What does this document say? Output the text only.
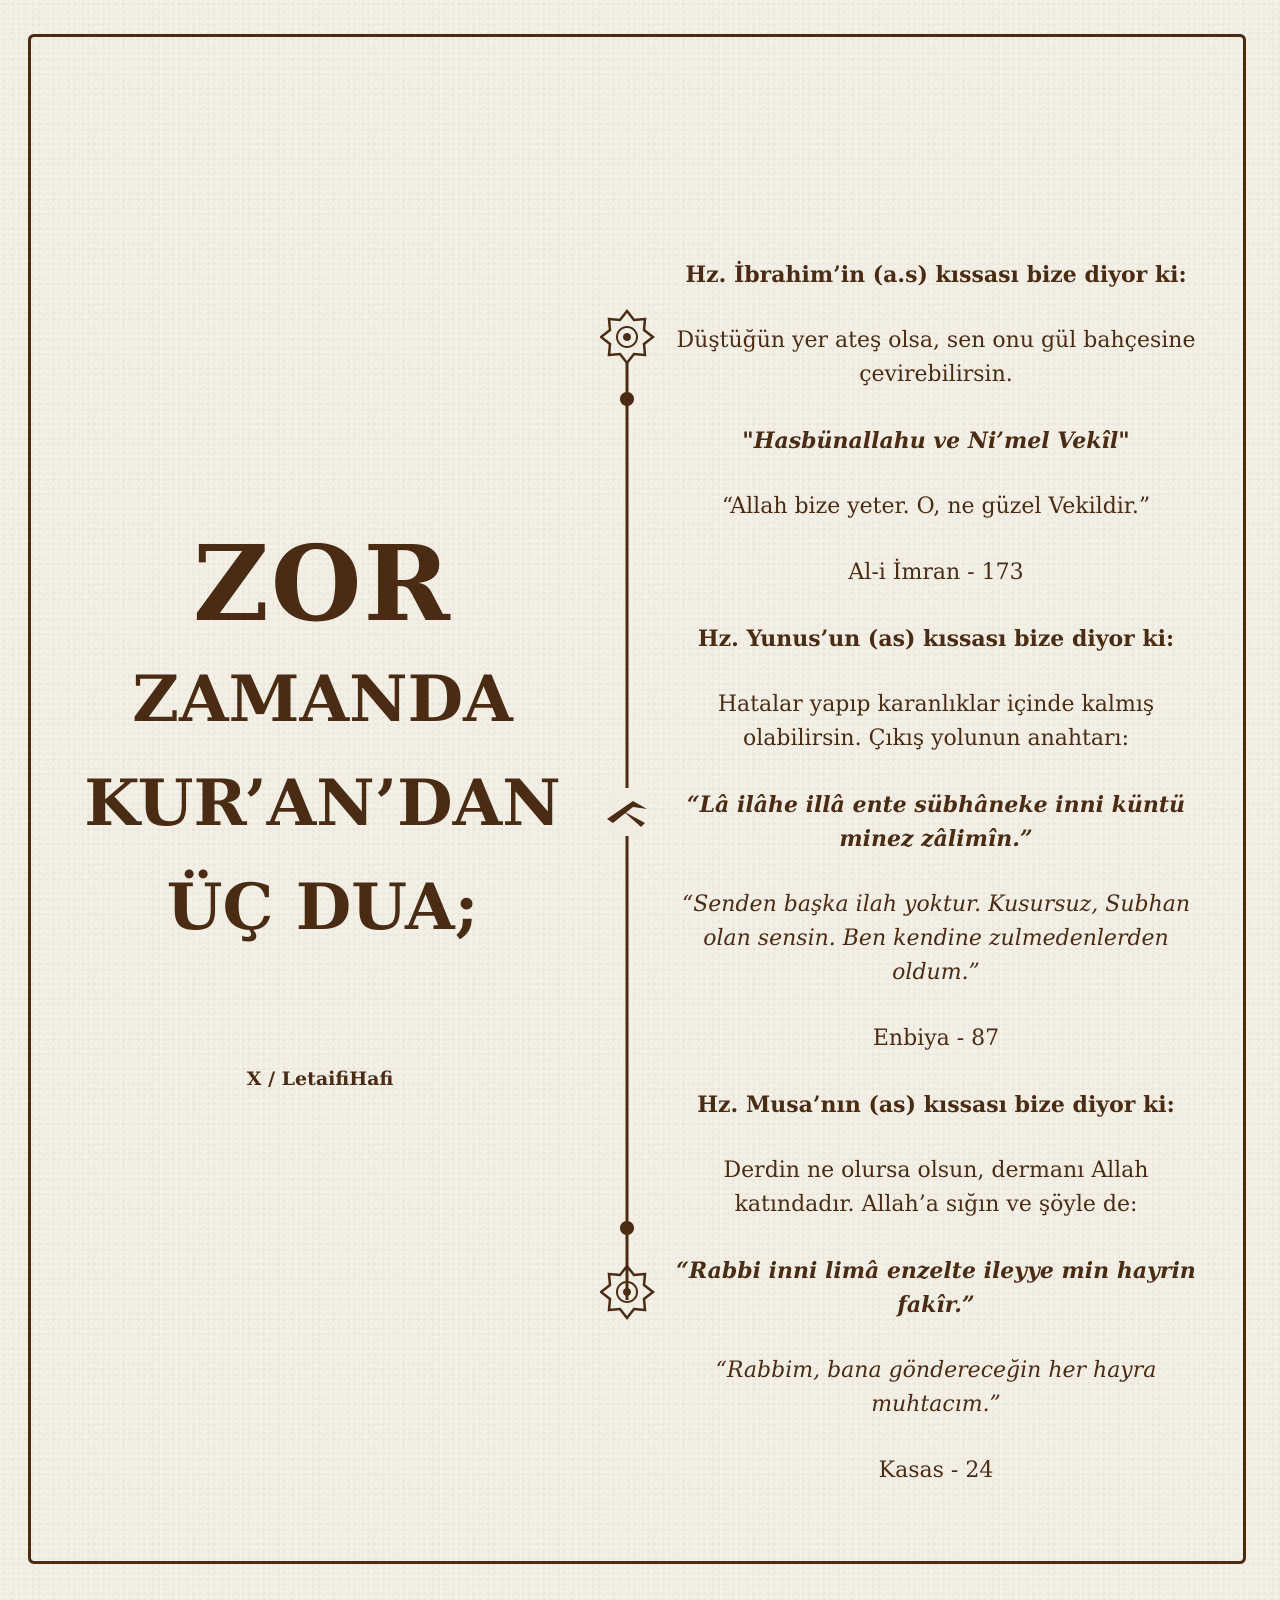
ZOR
ZAMANDA
KUR’AN’DAN
ÜÇ DUA;
X / LetaifiHafi

Hz. İbrahim’in (a.s) kıssası bize diyor ki:

Düştüğün yer ateş olsa, sen onu gül bahçesine çevirebilirsin.

"Hasbünallahu ve Ni’mel Vekîl"

“Allah bize yeter. O, ne güzel Vekildir.”

Al-i İmran - 173

Hz. Yunus’un (as) kıssası bize diyor ki:

Hatalar yapıp karanlıklar içinde kalmış olabilirsin. Çıkış yolunun anahtarı:

“Lâ ilâhe illâ ente sübhâneke inni küntü minez zâlimîn.”

“Senden başka ilah yoktur. Kusursuz, Subhan olan sensin. Ben kendine zulmedenlerden oldum.”

Enbiya - 87

Hz. Musa’nın (as) kıssası bize diyor ki:

Derdin ne olursa olsun, dermanı Allah katındadır. Allah’a sığın ve şöyle de:

“Rabbi inni limâ enzelte ileyye min hayrin fakîr.”

“Rabbim, bana göndereceğin her hayra muhtacım.”

Kasas - 24
